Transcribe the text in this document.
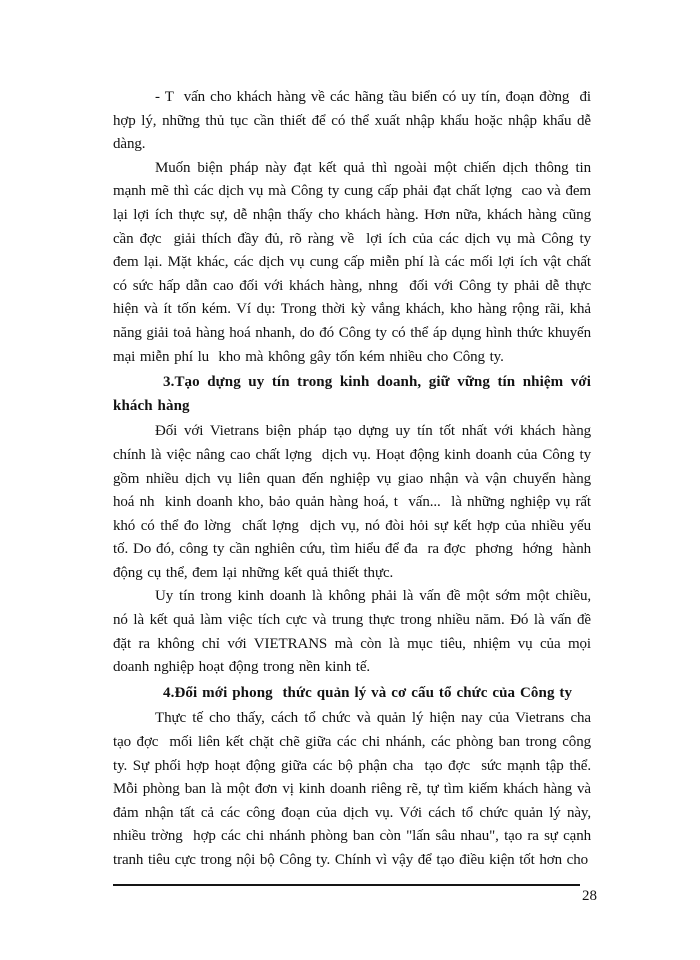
- T  vấn cho khách hàng về các hãng tầu biển có uy tín, đoạn đờng  đi hợp lý, những thủ tục cần thiết để có thể xuất nhập khẩu hoặc nhập khẩu dễ dàng.

Muốn biện pháp này đạt kết quả thì ngoài một chiến dịch thông tin mạnh mẽ thì các dịch vụ mà Công ty cung cấp phải đạt chất lợng  cao và đem lại lợi ích thực sự, dễ nhận thấy cho khách hàng. Hơn nữa, khách hàng cũng cần đợc  giải thích đầy đủ, rõ ràng về  lợi ích của các dịch vụ mà Công ty đem lại. Mặt khác, các dịch vụ cung cấp miễn phí là các mối lợi ích vật chất có sức hấp dẫn cao đối với khách hàng, nhng  đối với Công ty phải dễ thực hiện và ít tốn kém. Ví dụ: Trong thời kỳ vắng khách, kho hàng rộng rãi, khả năng giải toả hàng hoá nhanh, do đó Công ty có thể áp dụng hình thức khuyến mại miễn phí lu  kho mà không gây tốn kém nhiều cho Công ty.

3.Tạo dựng uy tín trong kinh doanh, giữ vững tín nhiệm với khách hàng

Đối với Vietrans biện pháp tạo dựng uy tín tốt nhất với khách hàng chính là việc nâng cao chất lợng  dịch vụ. Hoạt động kinh doanh của Công ty gồm nhiều dịch vụ liên quan đến nghiệp vụ giao nhận và vận chuyển hàng hoá nh  kinh doanh kho, bảo quản hàng hoá, t  vấn...  là những nghiệp vụ rất khó có thể đo lờng  chất lợng  dịch vụ, nó đòi hỏi sự kết hợp của nhiều yếu tố. Do đó, công ty cần nghiên cứu, tìm hiểu để đa  ra đợc  phơng  hớng  hành động cụ thể, đem lại những kết quả thiết thực.

Uy tín trong kinh doanh là không phải là vấn đề một sớm một chiều, nó là kết quả làm việc tích cực và trung thực trong nhiều năm. Đó là vấn đề đặt ra không chỉ với VIETRANS mà còn là mục tiêu, nhiệm vụ của mọi doanh nghiệp hoạt động trong nền kinh tế.

4.Đổi mới phong  thức quản lý và cơ cấu tổ chức của Công ty

Thực tế cho thấy, cách tổ chức và quản lý hiện nay của Vietrans cha tạo đợc  mối liên kết chặt chẽ giữa các chi nhánh, các phòng ban trong công ty. Sự phối hợp hoạt động giữa các bộ phận cha  tạo đợc  sức mạnh tập thể. Mỗi phòng ban là một đơn vị kinh doanh riêng rẽ, tự tìm kiếm khách hàng và đảm nhận tất cả các công đoạn của dịch vụ. Với cách tổ chức quản lý này, nhiều trờng  hợp các chi nhánh phòng ban còn "lấn sâu nhau", tạo ra sự cạnh tranh tiêu cực trong nội bộ Công ty. Chính vì vậy để tạo điều kiện tốt hơn cho

28
